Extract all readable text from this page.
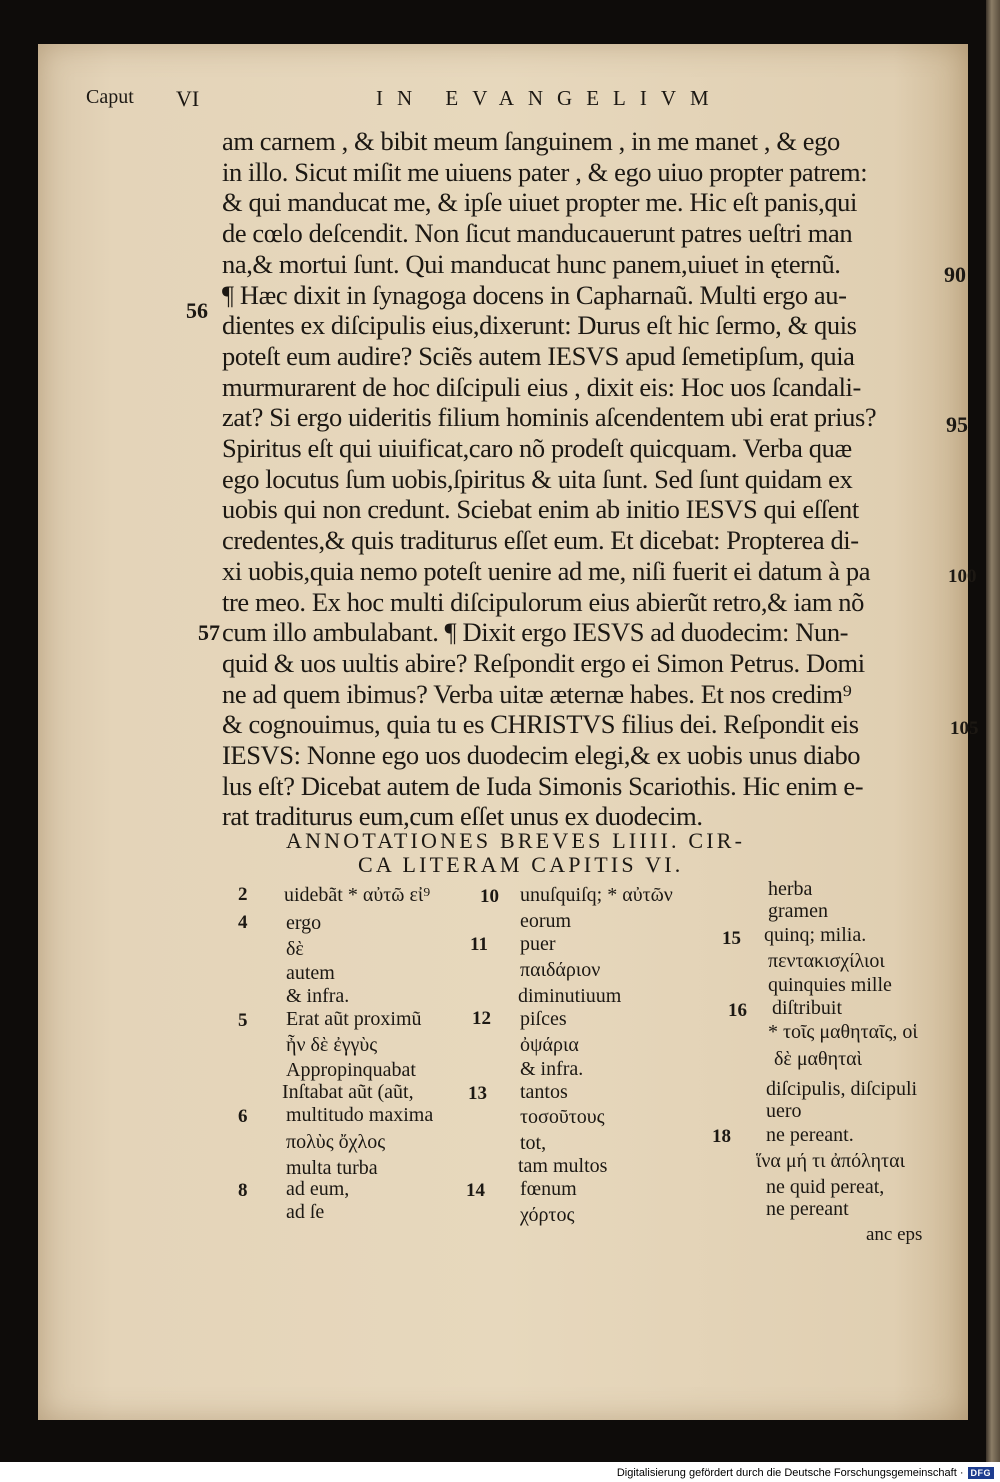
Caput VI	IN EVANGELIVM
am carnem , & bibit meum ſanguinem , in me manet , & ego
in illo. Sicut miſit me uiuens pater , & ego uiuo propter patrem:
& qui manducat me, & ipſe uiuet propter me. Hic eſt panis,qui
de cœlo deſcendit. Non ſicut manducauerunt patres ueſtri man
na,& mortui ſunt. Qui manducat hunc panem,uiuet in ęternũ.
¶ Hæc dixit in ſynagoga docens in Capharnaũ. Multi ergo au-
dientes ex diſcipulis eius,dixerunt: Durus eſt hic ſermo, & quis
poteſt eum audire? Sciẽs autem IESVS apud ſemetipſum, quia
murmurarent de hoc diſcipuli eius , dixit eis: Hoc uos ſcandali-
zat? Si ergo uideritis filium hominis aſcendentem ubi erat prius?
Spiritus eſt qui uiuificat,caro nõ prodeſt quicquam. Verba quæ
ego locutus ſum uobis,ſpiritus & uita ſunt. Sed ſunt quidam ex
uobis qui non credunt. Sciebat enim ab initio IESVS qui eſſent
credentes,& quis traditurus eſſet eum. Et dicebat: Propterea di-
xi uobis,quia nemo poteſt uenire ad me, niſi fuerit ei datum à pa
tre meo. Ex hoc multi diſcipulorum eius abierũt retro,& iam nõ
cum illo ambulabant. ¶ Dixit ergo IESVS ad duodecim: Nun-
quid & uos uultis abire? Reſpondit ergo ei Simon Petrus. Domi
ne ad quem ibimus? Verba uitæ æternæ habes. Et nos credim⁹
& cognouimus, quia tu es CHRISTVS filius dei. Reſpondit eis
IESVS: Nonne ego uos duodecim elegi,& ex uobis unus diabo
lus eſt? Dicebat autem de Iuda Simonis Scariothis. Hic enim e-
rat traditurus eum,cum eſſet unus ex duodecim.
56
57
90
95
100
105
ANNOTATIONES BREVES LIIII. CIR-
CA LITERAM CAPITIS VI.
2 uidebãt * αὐτῶ εἰ⁹
4 ergo
δὲ
autem
& infra.
5 Erat aũt proximũ
ἦν δὲ ἐγγὺς
Appropinquabat
Inſtabat aũt (aũt,
6 multitudo maxima
πολὺς ὄχλος
multa turba
8 ad eum,
ad ſe
10
11
12
13
14
unuſquiſq; * αὐτῶν
eorum
puer
παιδάριον
diminutiuum
piſces
ὀψάρια
& infra.
tantos
τοσοῦτους
tot,
tam multos
fœnum
χόρτος
15
16
18
herba
gramen
quinq; milia.
πεντακισχίλιοι
quinquies mille
diſtribuit
* τοῖς μαθηταῖς, οἱ
δὲ μαθηταὶ
diſcipulis, diſcipuli
uero
ne pereant.
ἵνα μή τι ἀπόληται
ne quid pereat,
ne pereant
anc eps
Digitalisierung gefördert durch die Deutsche Forschungsgemeinschaft · DFG
